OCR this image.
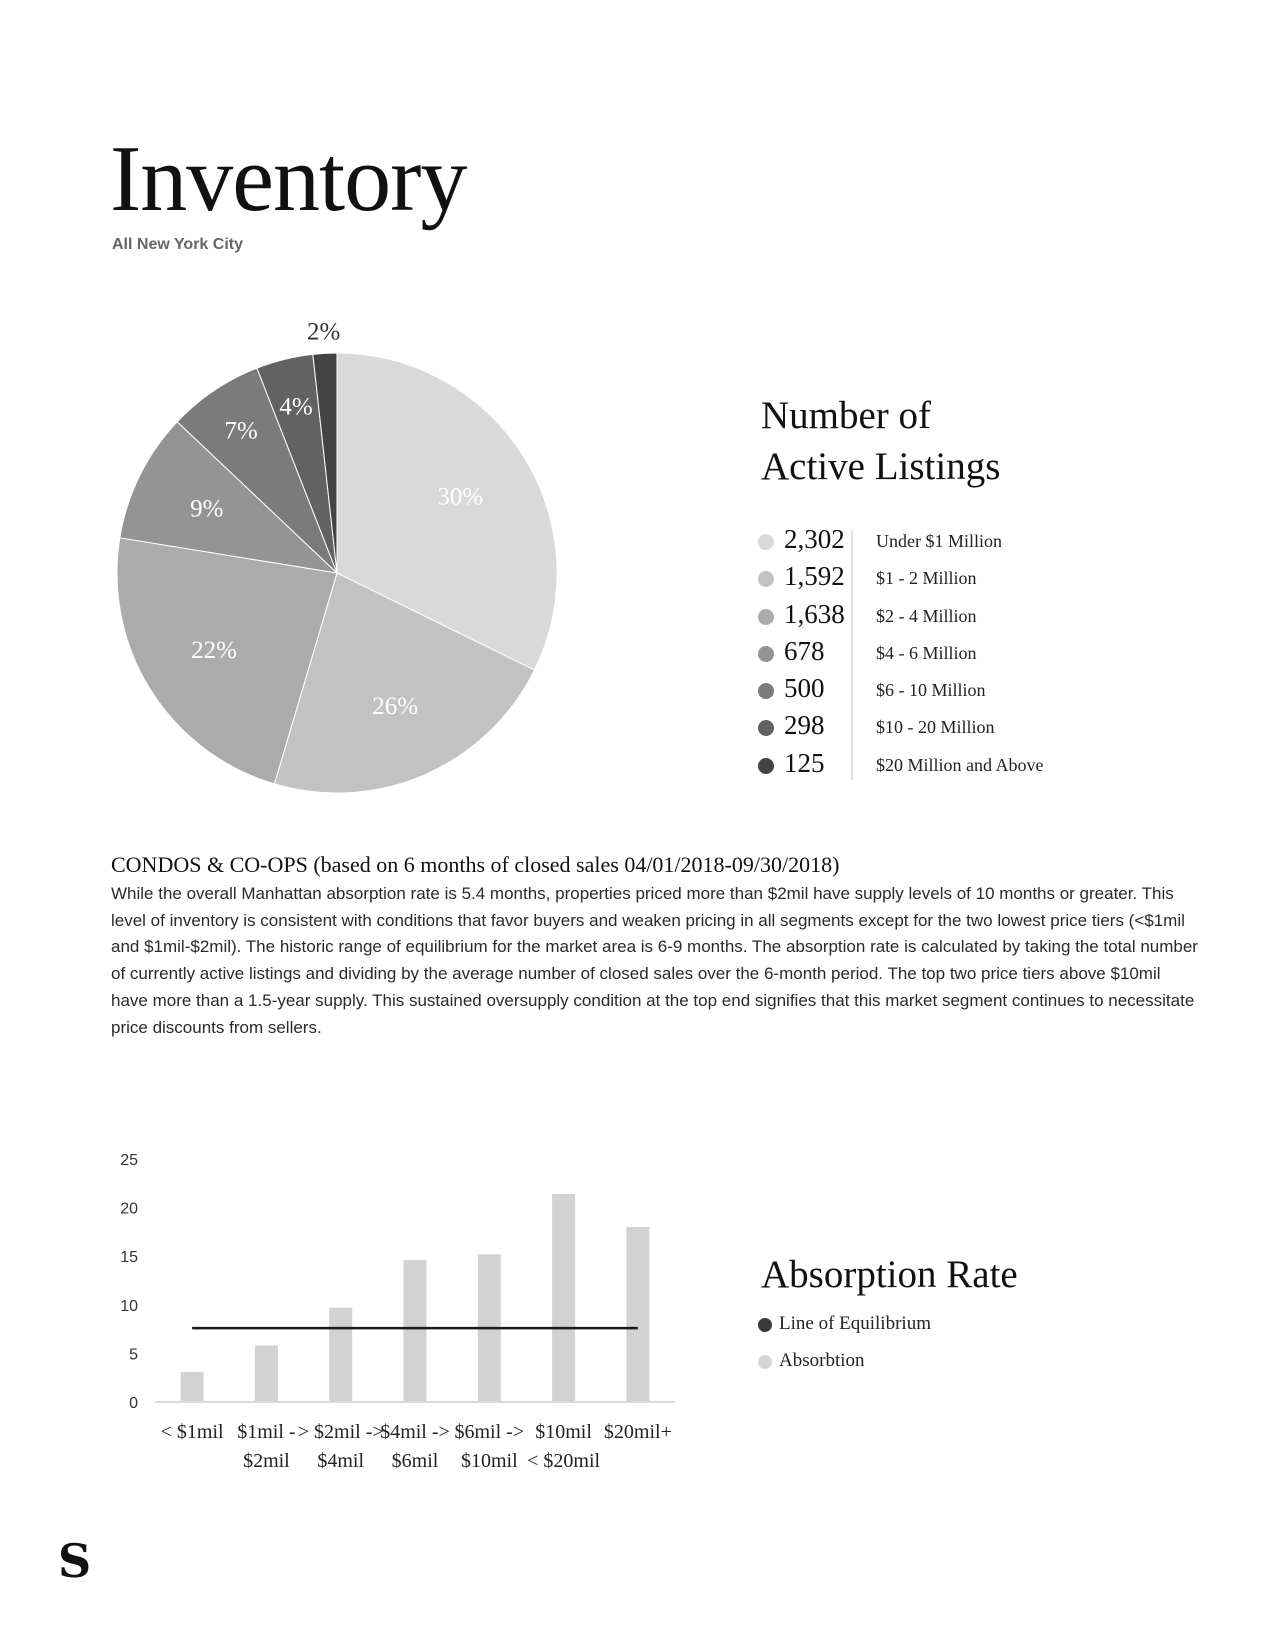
Inventory
All New York City
30%
26%
22%
9%
7%
4%
2%
Number of
Active Listings
2,302 Under $1 Million
1,592 $1 - 2 Million
1,638 $2 - 4 Million
678	$4 - 6 Million
500	$6 - 10 Million
298	$10 - 20 Million
125	$20 Million and Above
CONDOS & CO-OPS (based on 6 months of closed sales 04/01/2018-09/30/2018)

While the overall Manhattan absorption rate is 5.4 months, properties priced more than $2mil have supply levels of 10 months or greater. This level of inventory is consistent with conditions that favor buyers and weaken pricing in all segments except for the two lowest price tiers (<$1mil and $1mil-$2mil). The historic range of equilibrium for the market area is 6-9 months. The absorption rate is calculated by taking the total number of currently active listings and dividing by the average number of closed sales over the 6-month period. The top two price tiers above $10mil have more than a 1.5-year supply. This sustained oversupply condition at the top end signifies that this market segment continues to necessitate price discounts from sellers.

0
5
10
15
20
25
< $1mil $1mil -
$2mil
> $2mil ->
$4mil
$4mil ->
$6mil
$6mil ->
$10mil
$10mil
< $20mil
$20mil+
Absorption Rate
Line of Equilibrium
Absorbtion
S
